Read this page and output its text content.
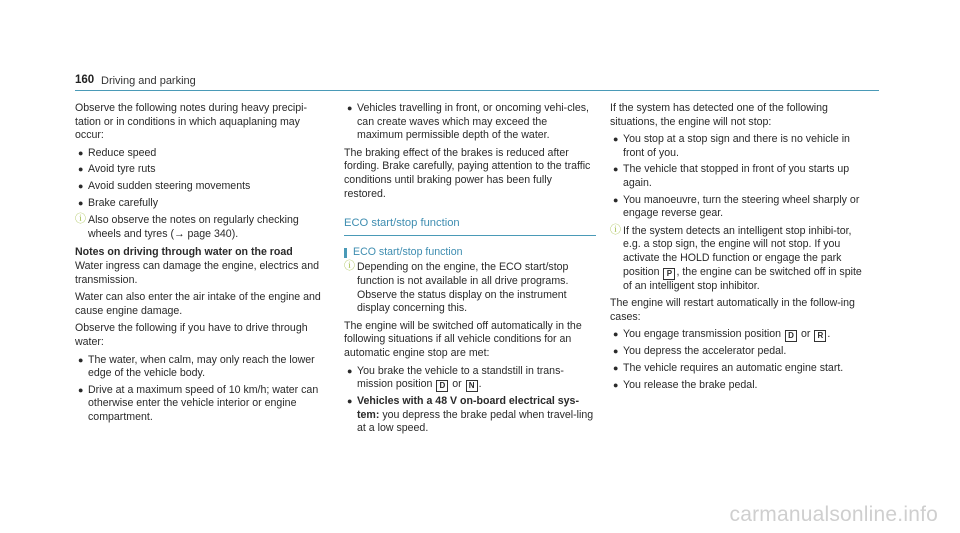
160 Driving and parking

Observe the following notes during heavy precipi-tation or in conditions in which aquaplaning may occur:

● Reduce speed
● Avoid tyre ruts
● Avoid sudden steering movements
● Brake carefully
ⓘ Also observe the notes on regularly checking wheels and tyres (→ page 340).
Notes on driving through water on the road

Water ingress can damage the engine, electrics and transmission.

Water can also enter the air intake of the engine and cause engine damage.

Observe the following if you have to drive through water:

● The water, when calm, may only reach the lower edge of the vehicle body.
● Drive at a maximum speed of 10 km/h; water can otherwise enter the vehicle interior or engine compartment.
● Vehicles travelling in front, or oncoming vehi-cles, can create waves which may exceed the maximum permissible depth of the water.

The braking effect of the brakes is reduced after fording. Brake carefully, paying attention to the traffic conditions until braking power has been fully restored.

ECO start/stop function
ECO start/stop function
ⓘ Depending on the engine, the ECO start/stop function is not available in all drive programs. Observe the status display on the instrument display concerning this.

The engine will be switched off automatically in the following situations if all vehicle conditions for an automatic engine stop are met:

● You brake the vehicle to a standstill in trans-mission position D or N .
● Vehicles with a 48 V on-board electrical sys-tem: you depress the brake pedal when travel-ling at a low speed.

If the system has detected one of the following situations, the engine will not stop:

● You stop at a stop sign and there is no vehicle in front of you.
● The vehicle that stopped in front of you starts up again.
● You manoeuvre, turn the steering wheel sharply or engage reverse gear.
ⓘ If the system detects an intelligent stop inhibi-tor, e.g. a stop sign, the engine will not stop. If you activate the HOLD function or engage the park position P , the engine can be switched off in spite of an intelligent stop inhibitor.

The engine will restart automatically in the follow-ing cases:

● You engage transmission position D or R .
● You depress the accelerator pedal.
● The vehicle requires an automatic engine start.
● You release the brake pedal.
carmanualsonline.info
